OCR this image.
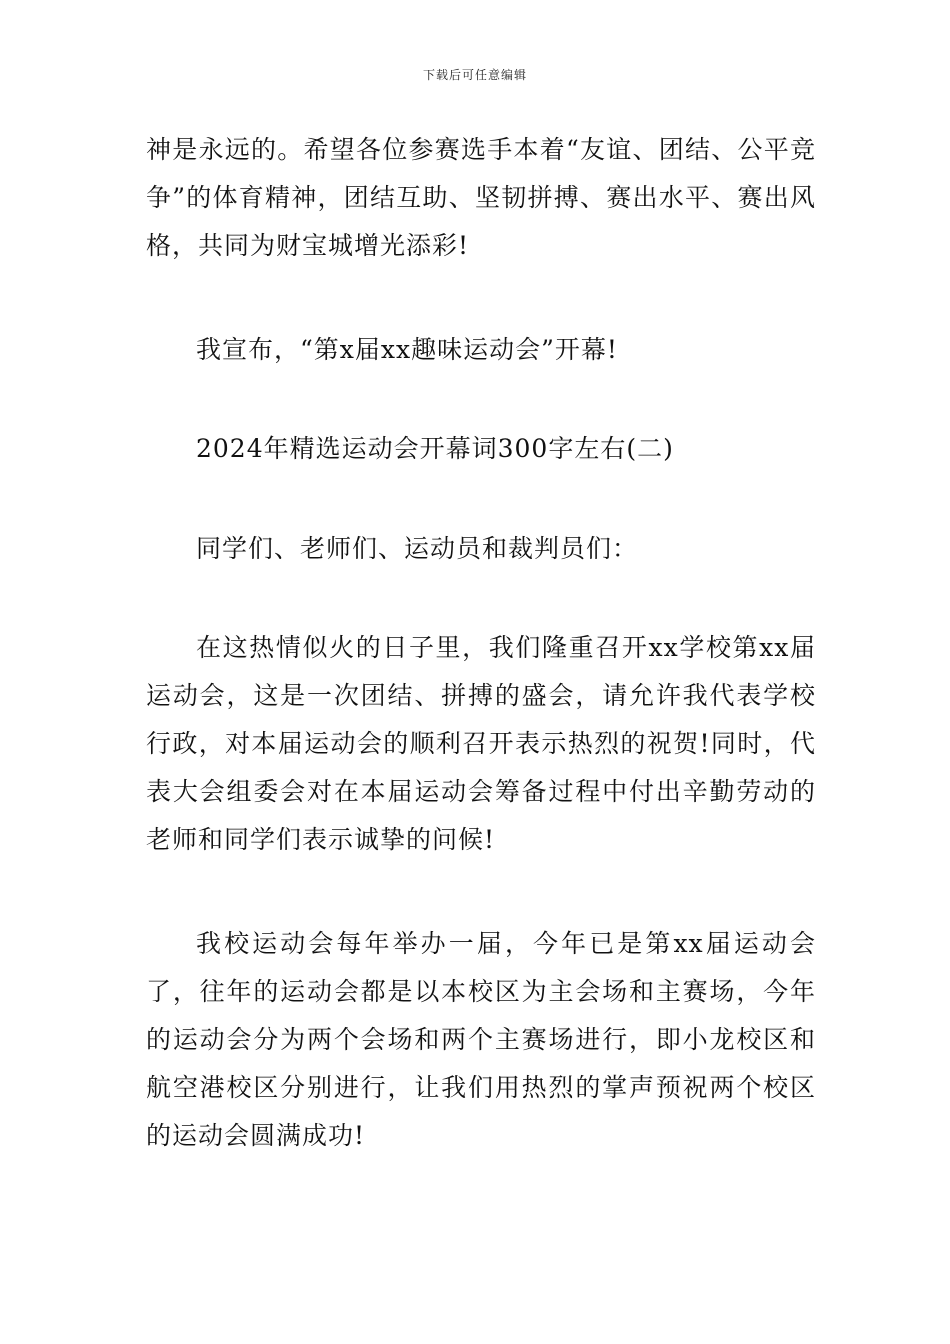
下载后可任意编辑

神是永远的。希望各位参赛选手本着“友谊、团结、公平竞争”的体育精神，团结互助、坚韧拼搏、赛出水平、赛出风格，共同为财宝城增光添彩!

我宣布，“第x届xx趣味运动会”开幕!

2024年精选运动会开幕词300字左右(二)

同学们、老师们、运动员和裁判员们：

在这热情似火的日子里，我们隆重召开xx学校第xx届运动会，这是一次团结、拼搏的盛会，请允许我代表学校行政，对本届运动会的顺利召开表示热烈的祝贺!同时，代表大会组委会对在本届运动会筹备过程中付出辛勤劳动的老师和同学们表示诚挚的问候!

我校运动会每年举办一届，今年已是第xx届运动会了，往年的运动会都是以本校区为主会场和主赛场，今年的运动会分为两个会场和两个主赛场进行，即小龙校区和航空港校区分别进行，让我们用热烈的掌声预祝两个校区的运动会圆满成功!
